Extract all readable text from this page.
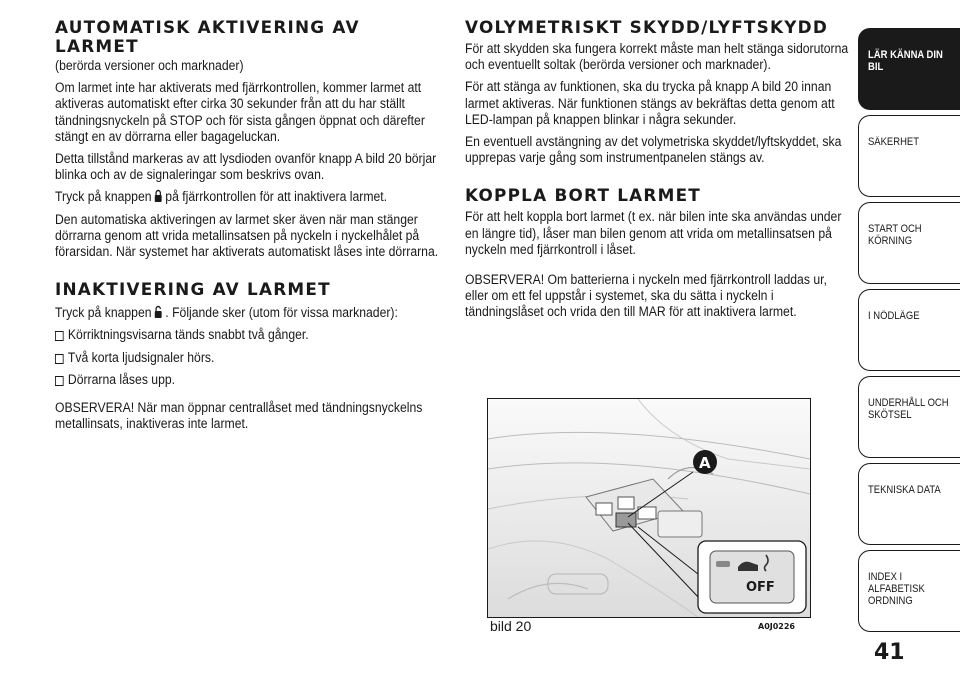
AUTOMATISK AKTIVERING AV LARMET

(berörda versioner och marknader)

Om larmet inte har aktiverats med fjärrkontrollen, kommer larmet att aktiveras automatiskt efter cirka 30 sekunder från att du har ställt tändningsnyckeln på STOP och för sista gången öppnat och därefter stängt en av dörrarna eller bagageluckan.

Detta tillstånd markeras av att lysdioden ovanför knapp A bild 20 börjar blinka och av de signaleringar som beskrivs ovan.

Tryck på knappen på fjärrkontrollen för att inaktivera larmet.

Den automatiska aktiveringen av larmet sker även när man stänger dörrarna genom att vrida metallinsatsen på nyckeln i nyckelhålet på förarsidan. När systemet har aktiverats automatiskt låses inte dörrarna.

INAKTIVERING AV LARMET

Tryck på knappen . Följande sker (utom för vissa marknader):

Körriktningsvisarna tänds snabbt två gånger.

Två korta ljudsignaler hörs.

Dörrarna låses upp.

OBSERVERA! När man öppnar centrallåset med tändningsnyckelns metallinsats, inaktiveras inte larmet.

VOLYMETRISKT SKYDD/LYFTSKYDD

För att skydden ska fungera korrekt måste man helt stänga sidorutorna och eventuellt soltak (berörda versioner och marknader).

För att stänga av funktionen, ska du trycka på knapp A bild 20 innan larmet aktiveras. När funktionen stängs av bekräftas detta genom att LED-lampan på knappen blinkar i några sekunder.

En eventuell avstängning av det volymetriska skyddet/lyftskyddet, ska upprepas varje gång som instrumentpanelen stängs av.

KOPPLA BORT LARMET

För att helt koppla bort larmet (t ex. när bilen inte ska användas under en längre tid), låser man bilen genom att vrida om metallinsatsen på nyckeln med fjärrkontroll i låset.

OBSERVERA! Om batterierna i nyckeln med fjärrkontroll laddas ur, eller om ett fel uppstår i systemet, ska du sätta i nyckeln i tändningslåset och vrida den till MAR för att inaktivera larmet.

OFF
A
bild 20	A0J0226
LÄR KÄNNA DIN BIL
SÄKERHET
START OCH KÖRNING
I NÖDLÄGE
UNDERHÅLL OCH SKÖTSEL
TEKNISKA DATA
INDEX I ALFABETISK ORDNING
41
